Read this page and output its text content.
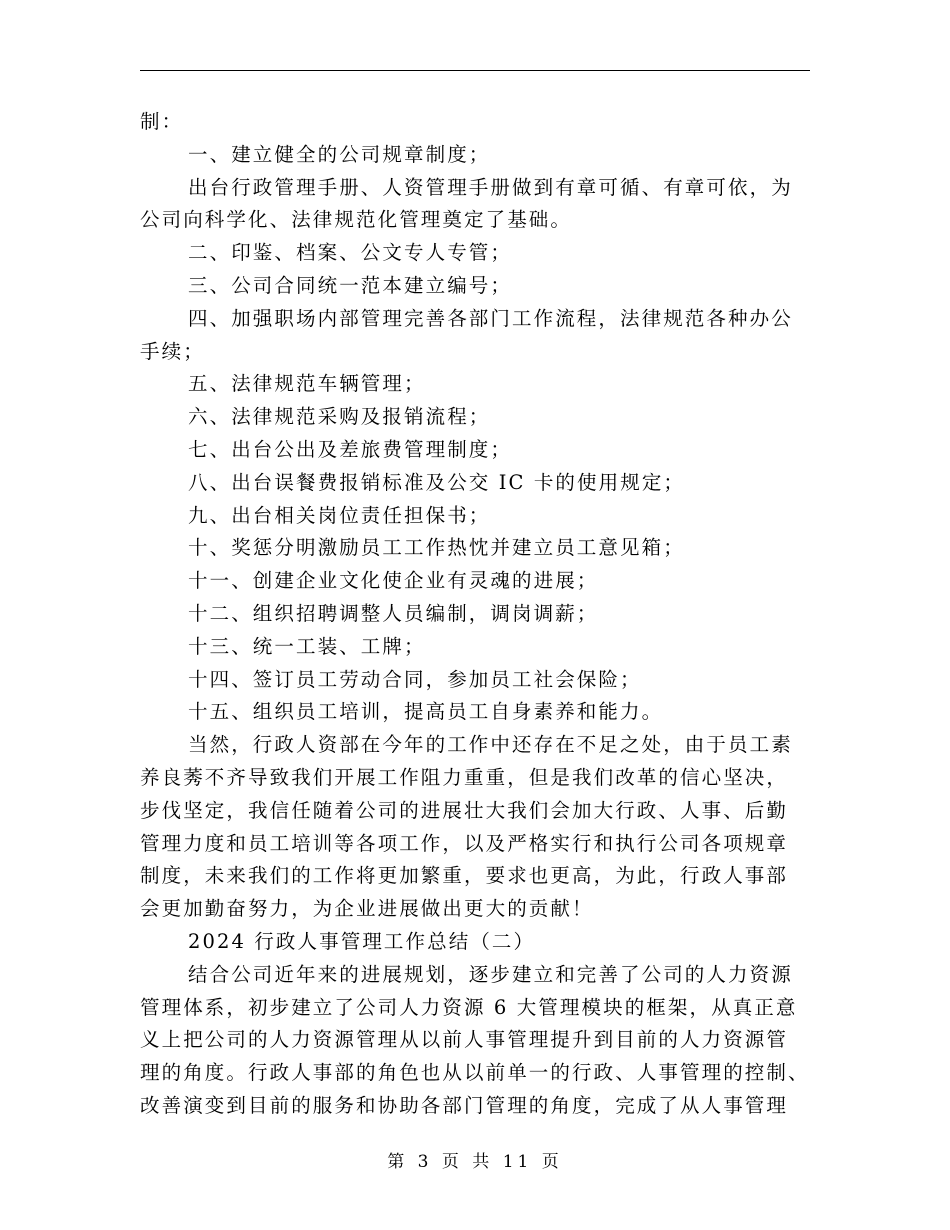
制：
一、建立健全的公司规章制度；
出台行政管理手册、人资管理手册做到有章可循、有章可依，为
公司向科学化、法律规范化管理奠定了基础。
二、印鉴、档案、公文专人专管；
三、公司合同统一范本建立编号；
四、加强职场内部管理完善各部门工作流程，法律规范各种办公
手续；
五、法律规范车辆管理；
六、法律规范采购及报销流程；
七、出台公出及差旅费管理制度；
八、出台误餐费报销标准及公交 IC 卡的使用规定；
九、出台相关岗位责任担保书；
十、奖惩分明激励员工工作热忱并建立员工意见箱；
十一、创建企业文化使企业有灵魂的进展；
十二、组织招聘调整人员编制，调岗调薪；
十三、统一工装、工牌；
十四、签订员工劳动合同，参加员工社会保险；
十五、组织员工培训，提高员工自身素养和能力。
当然，行政人资部在今年的工作中还存在不足之处，由于员工素
养良莠不齐导致我们开展工作阻力重重，但是我们改革的信心坚决，
步伐坚定，我信任随着公司的进展壮大我们会加大行政、人事、后勤
管理力度和员工培训等各项工作，以及严格实行和执行公司各项规章
制度，未来我们的工作将更加繁重，要求也更高，为此，行政人事部
会更加勤奋努力，为企业进展做出更大的贡献！
2024 行政人事管理工作总结（二）
结合公司近年来的进展规划，逐步建立和完善了公司的人力资源
管理体系，初步建立了公司人力资源 6 大管理模块的框架，从真正意
义上把公司的人力资源管理从以前人事管理提升到目前的人力资源管
理的角度。行政人事部的角色也从以前单一的行政、人事管理的控制、
改善演变到目前的服务和协助各部门管理的角度，完成了从人事管理
第 3 页 共 11 页
